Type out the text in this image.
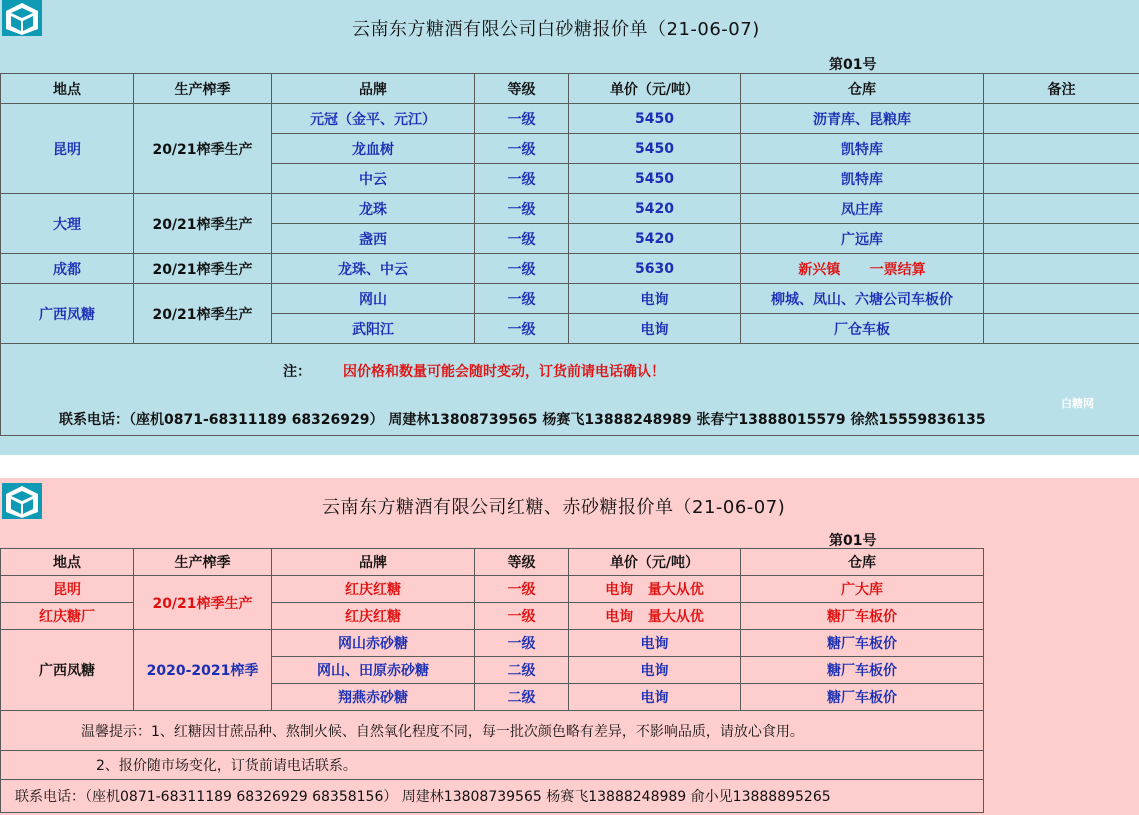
云南东方糖酒有限公司白砂糖报价单（21-06-07)
第01号
地点	生产榨季	品牌	等级	单价（元/吨）	仓库	备注
昆明	20/21榨季生产	元冠（金平、元江）	一级	5450	沥青库、昆粮库	
		龙血树	一级	5450	凯特库	
		中云	一级	5450	凯特库	
大理	20/21榨季生产	龙珠	一级	5420	凤庄库	
		盏西	一级	5420	广远库	
成都	20/21榨季生产	龙珠、中云	一级	5630	新兴镇      一票结算	
广西凤糖	20/21榨季生产	网山	一级	电询	柳城、凤山、六塘公司车板价	
		武阳江	一级	电询	厂仓车板	

注： 因价格和数量可能会随时变动，订货前请电话确认！
白糖网
联系电话：（座机0871-68311189 68326929） 周建林13808739565 杨赛飞13888248989 张春宁13888015579 徐然15559836135						
云南东方糖酒有限公司红糖、赤砂糖报价单（21-06-07)
第01号
地点	生产榨季	品牌	等级	单价（元/吨）	仓库
昆明	20/21榨季生产	红庆红糖	一级	电询   量大从优	广大库
红庆糖厂		红庆红糖	一级	电询   量大从优	糖厂车板价
广西凤糖	2020-2021榨季	网山赤砂糖	一级	电询	糖厂车板价
		网山、田原赤砂糖	二级	电询	糖厂车板价
		翔燕赤砂糖	二级	电询	糖厂车板价
温馨提示：1、红糖因甘蔗品种、熬制火候、自然氧化程度不同，每一批次颜色略有差异，不影响品质，请放心食用。					
2、报价随市场变化，订货前请电话联系。					
联系电话：（座机0871-68311189 68326929 68358156） 周建林13808739565 杨赛飞13888248989 俞小见13888895265					
